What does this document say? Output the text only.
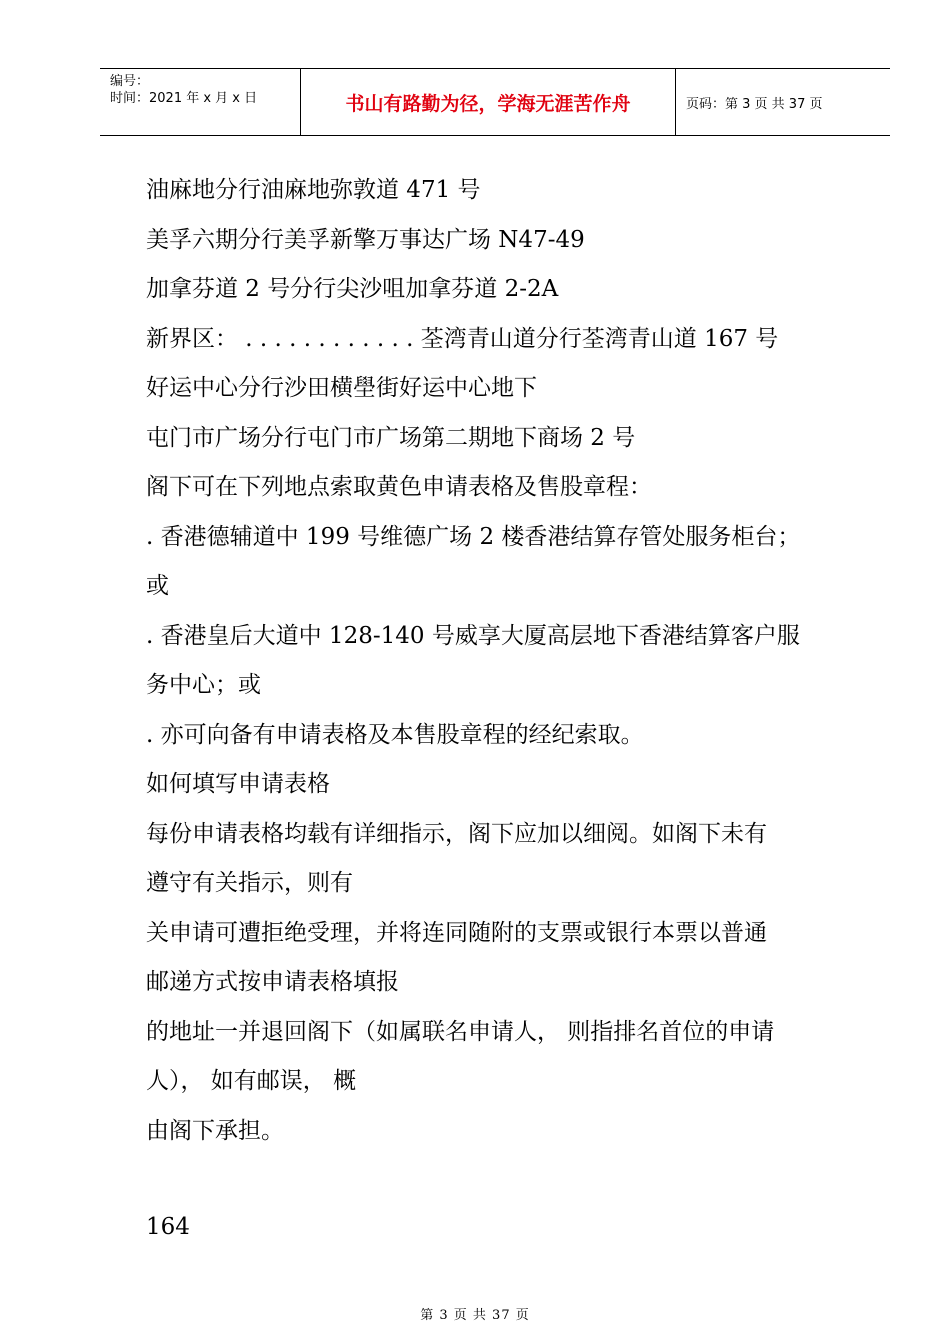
编号：
时间：2021 年 x 月 x 日	书山有路勤为径，学海无涯苦作舟	页码：第 3 页 共 37 页
油麻地分行油麻地弥敦道 471 号
美孚六期分行美孚新擎万事达广场 N47-49
加拿芬道 2 号分行尖沙咀加拿芬道 2-2A
新界区： . . . . . . . . . . . . 荃湾青山道分行荃湾青山道 167 号
好运中心分行沙田横壆街好运中心地下
屯门市广场分行屯门市广场第二期地下商场 2 号
阁下可在下列地点索取黄色申请表格及售股章程：
. 香港德辅道中 199 号维德广场 2 楼香港结算存管处服务柜台；
或
. 香港皇后大道中 128-140 号威享大厦高层地下香港结算客户服
务中心；或
. 亦可向备有申请表格及本售股章程的经纪索取。
如何填写申请表格
每份申请表格均载有详细指示，阁下应加以细阅。如阁下未有
遵守有关指示，则有
关申请可遭拒绝受理，并将连同随附的支票或银行本票以普通
邮递方式按申请表格填报
的地址一并退回阁下（如属联名申请人， 则指排名首位的申请
人）， 如有邮误， 概
由阁下承担。
164
第 3 页 共 37 页
